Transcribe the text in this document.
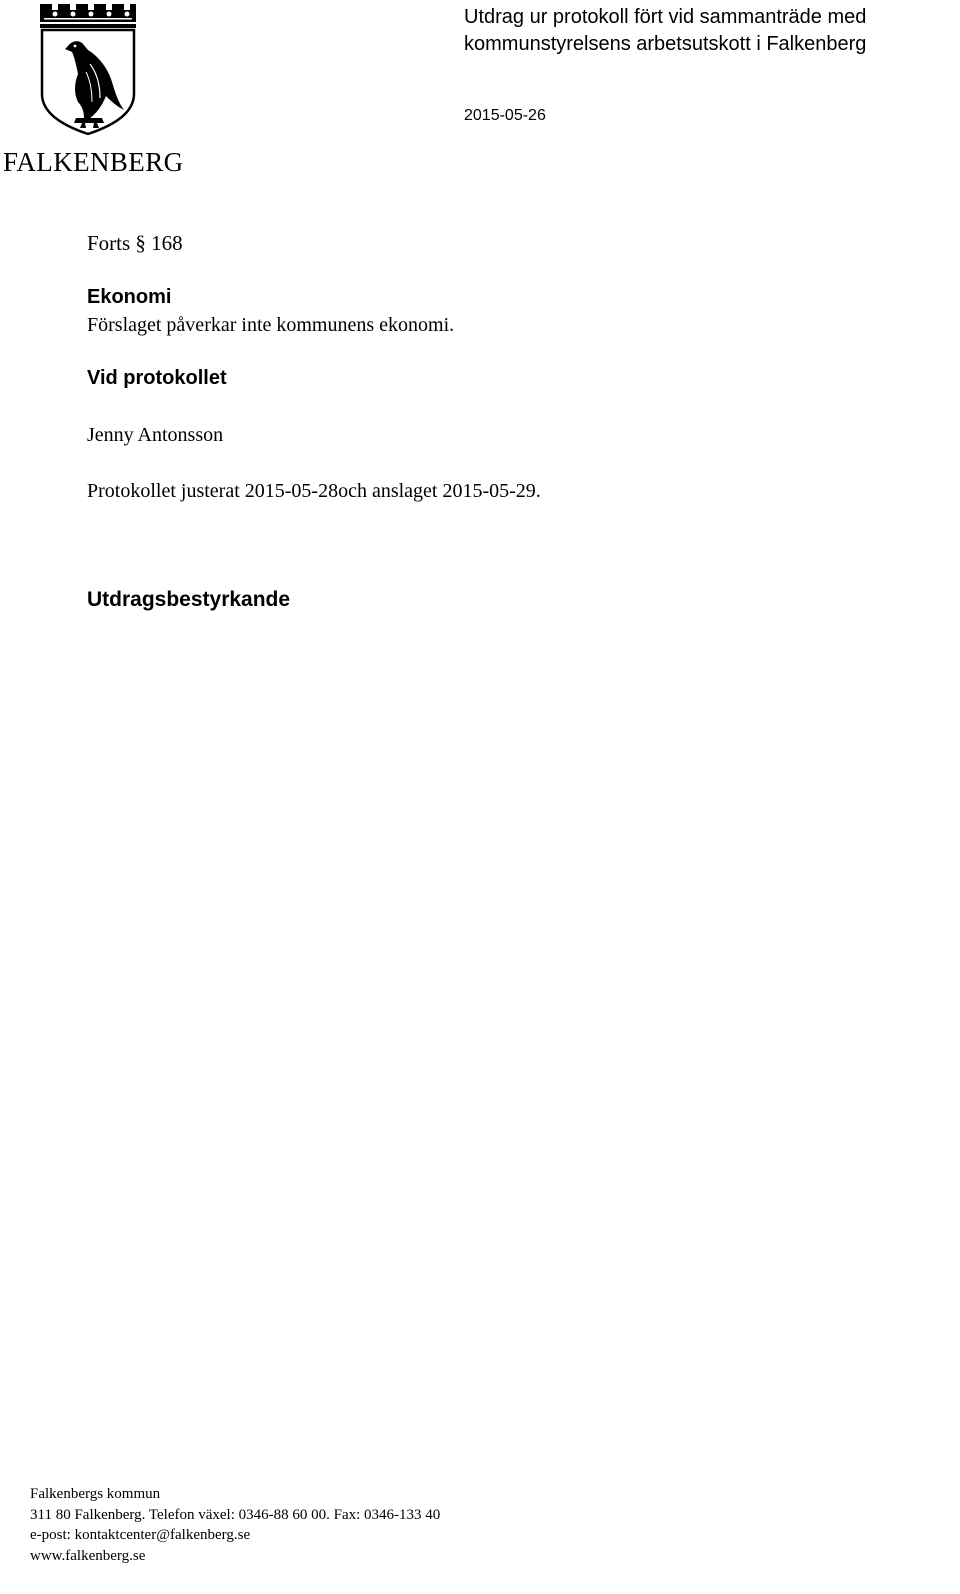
FALKENBERG
Utdrag ur protokoll fört vid sammanträde med
kommunstyrelsens arbetsutskott i Falkenberg
2015-05-26
Forts § 168
Ekonomi
Förslaget påverkar inte kommunens ekonomi.
Vid protokollet
Jenny Antonsson
Protokollet justerat 2015-05-28och anslaget 2015-05-29.
Utdragsbestyrkande
Falkenbergs kommun
311 80 Falkenberg. Telefon växel: 0346-88 60 00. Fax: 0346-133 40
e-post: kontaktcenter@falkenberg.se
www.falkenberg.se
